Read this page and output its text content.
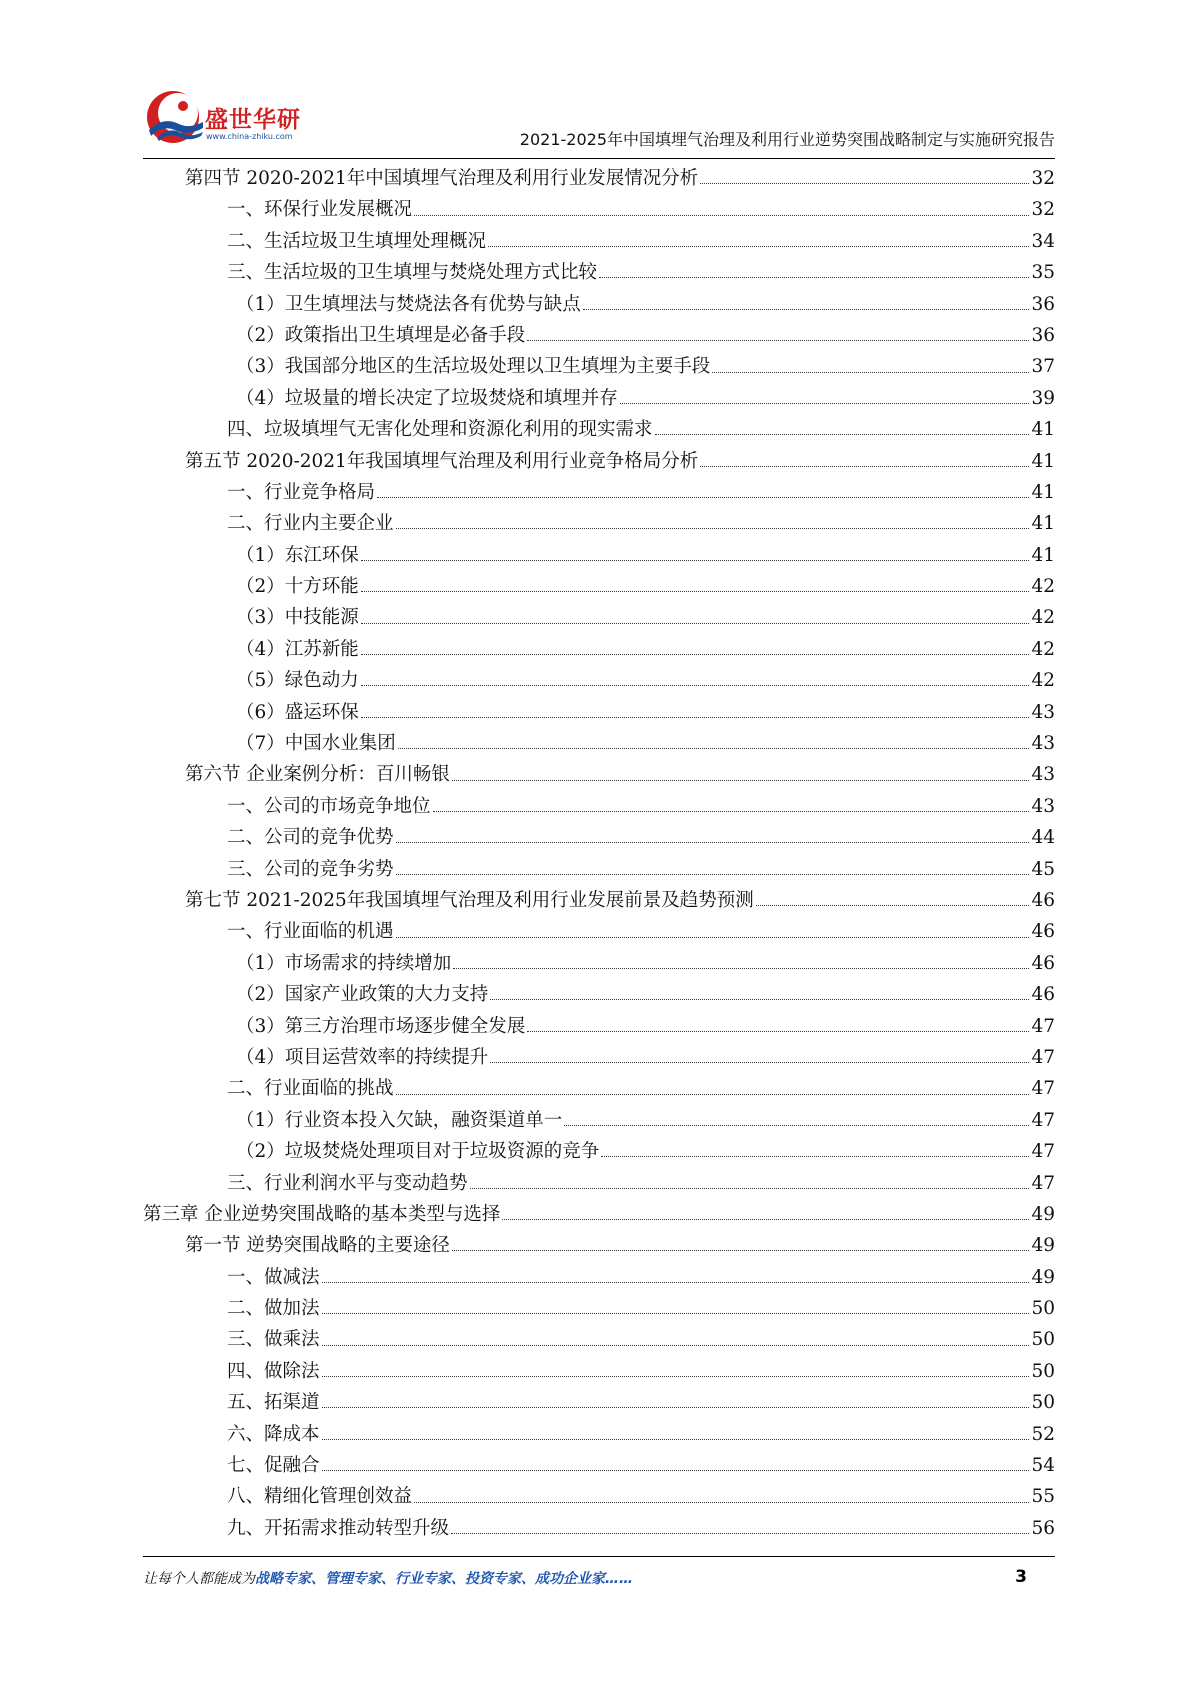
盛世华研
www.china-zhiku.com	2021-2025年中国填埋气治理及利用行业逆势突围战略制定与实施研究报告
第四节 2020-2021年中国填埋气治理及利用行业发展情况分析	32
一、环保行业发展概况	32
二、生活垃圾卫生填埋处理概况	34
三、生活垃圾的卫生填埋与焚烧处理方式比较	35
（1）卫生填埋法与焚烧法各有优势与缺点	36
（2）政策指出卫生填埋是必备手段	36
（3）我国部分地区的生活垃圾处理以卫生填埋为主要手段	37
（4）垃圾量的增长决定了垃圾焚烧和填埋并存	39
四、垃圾填埋气无害化处理和资源化利用的现实需求	41
第五节 2020-2021年我国填埋气治理及利用行业竞争格局分析	41
一、行业竞争格局	41
二、行业内主要企业	41
（1）东江环保	41
（2）十方环能	42
（3）中技能源	42
（4）江苏新能	42
（5）绿色动力	42
（6）盛运环保	43
（7）中国水业集团	43
第六节 企业案例分析：百川畅银	43
一、公司的市场竞争地位	43
二、公司的竞争优势	44
三、公司的竞争劣势	45
第七节 2021-2025年我国填埋气治理及利用行业发展前景及趋势预测	46
一、行业面临的机遇	46
（1）市场需求的持续增加	46
（2）国家产业政策的大力支持	46
（3）第三方治理市场逐步健全发展	47
（4）项目运营效率的持续提升	47
二、行业面临的挑战	47
（1）行业资本投入欠缺，融资渠道单一	47
（2）垃圾焚烧处理项目对于垃圾资源的竞争	47
三、行业利润水平与变动趋势	47
第三章 企业逆势突围战略的基本类型与选择	49
第一节 逆势突围战略的主要途径	49
一、做减法	49
二、做加法	50
三、做乘法	50
四、做除法	50
五、拓渠道	50
六、降成本	52
七、促融合	54
八、精细化管理创效益	55
九、开拓需求推动转型升级	56
让每个人都能成为战略专家、管理专家、行业专家、投资专家、成功企业家……	3
